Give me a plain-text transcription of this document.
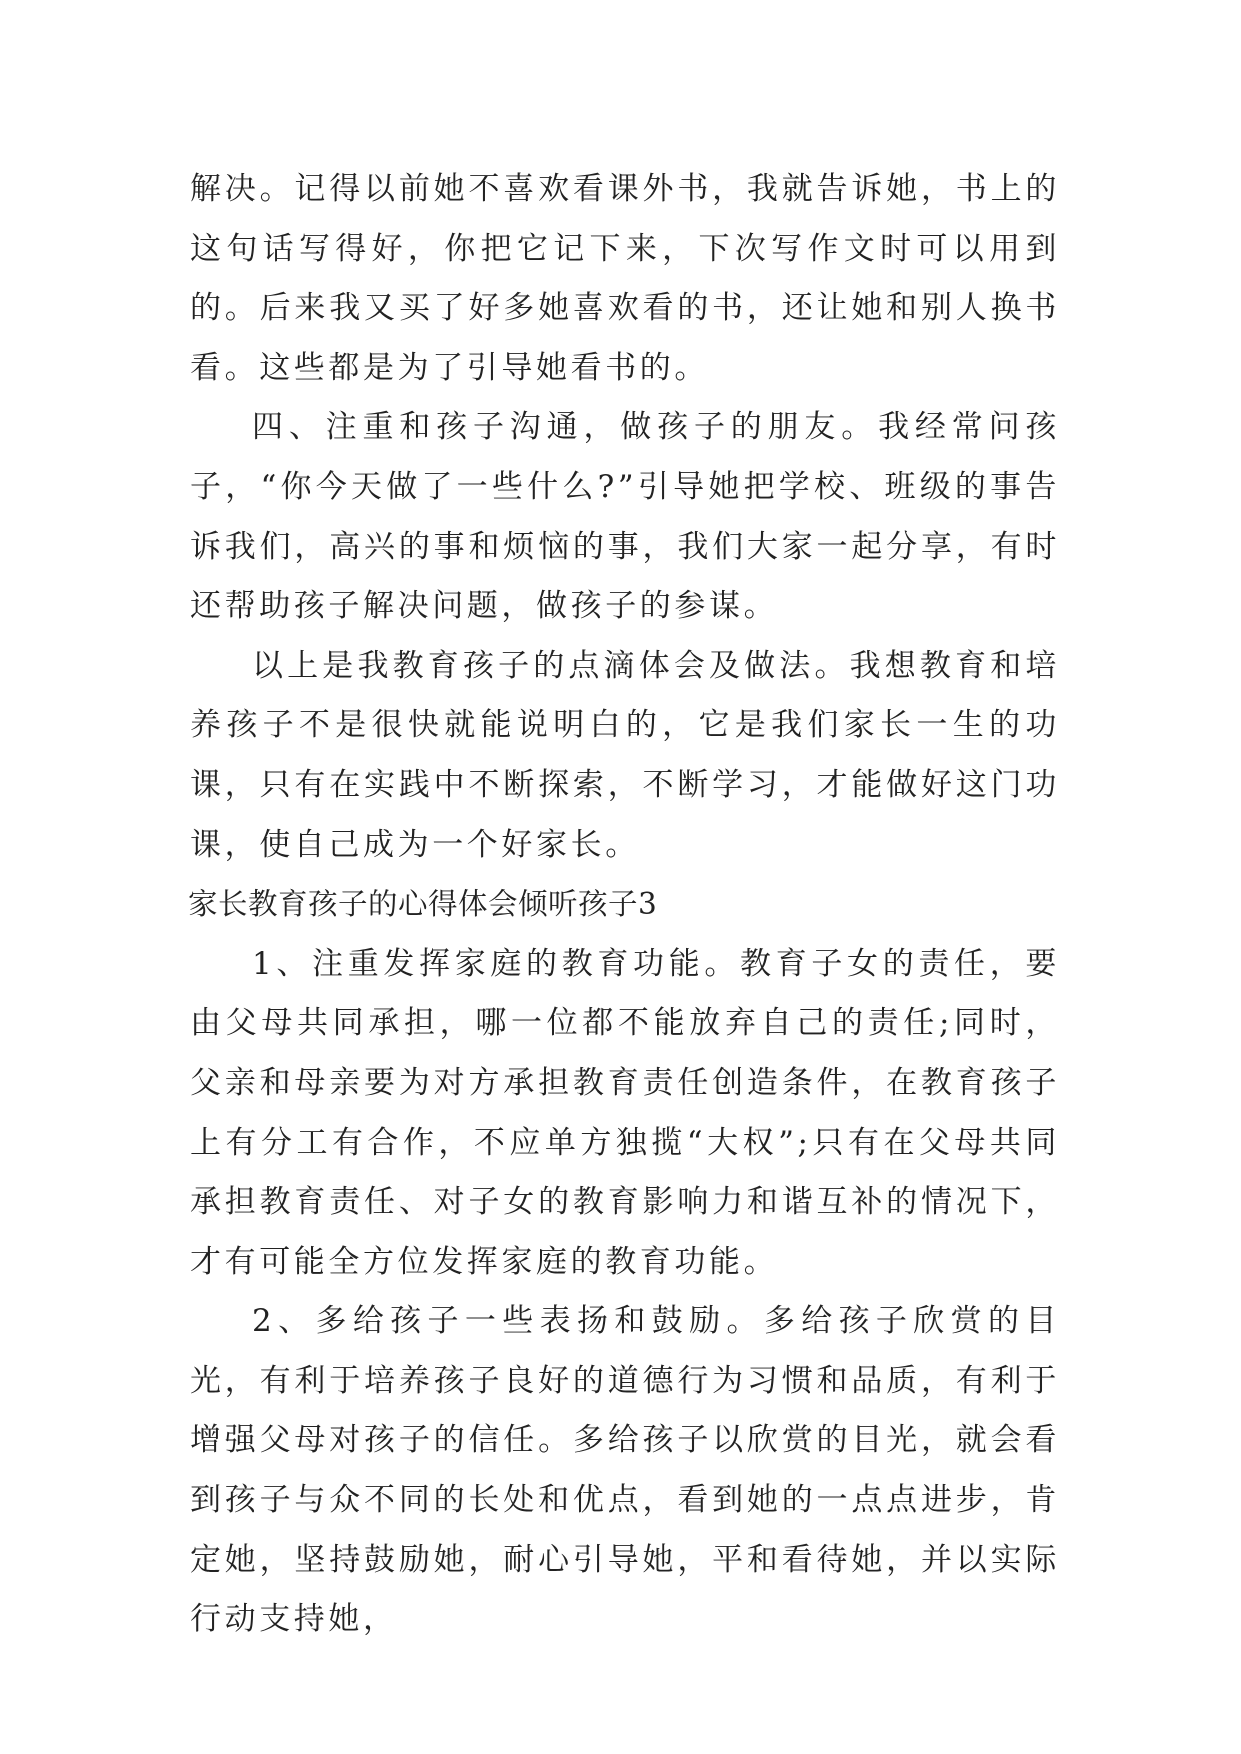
解决。记得以前她不喜欢看课外书，我就告诉她，书上的这句话写得好，你把它记下来，下次写作文时可以用到的。后来我又买了好多她喜欢看的书，还让她和别人换书看。这些都是为了引导她看书的。

四、注重和孩子沟通，做孩子的朋友。我经常问孩子，“你今天做了一些什么?”引导她把学校、班级的事告诉我们，高兴的事和烦恼的事，我们大家一起分享，有时还帮助孩子解决问题，做孩子的参谋。

以上是我教育孩子的点滴体会及做法。我想教育和培养孩子不是很快就能说明白的，它是我们家长一生的功课，只有在实践中不断探索，不断学习，才能做好这门功课，使自己成为一个好家长。

家长教育孩子的心得体会倾听孩子3

1、注重发挥家庭的教育功能。教育子女的责任，要由父母共同承担，哪一位都不能放弃自己的责任;同时，父亲和母亲要为对方承担教育责任创造条件，在教育孩子上有分工有合作，不应单方独揽“大权”;只有在父母共同承担教育责任、对子女的教育影响力和谐互补的情况下，才有可能全方位发挥家庭的教育功能。

2、多给孩子一些表扬和鼓励。多给孩子欣赏的目光，有利于培养孩子良好的道德行为习惯和品质，有利于增强父母对孩子的信任。多给孩子以欣赏的目光，就会看到孩子与众不同的长处和优点，看到她的一点点进步，肯定她，坚持鼓励她，耐心引导她，平和看待她，并以实际行动支持她，
